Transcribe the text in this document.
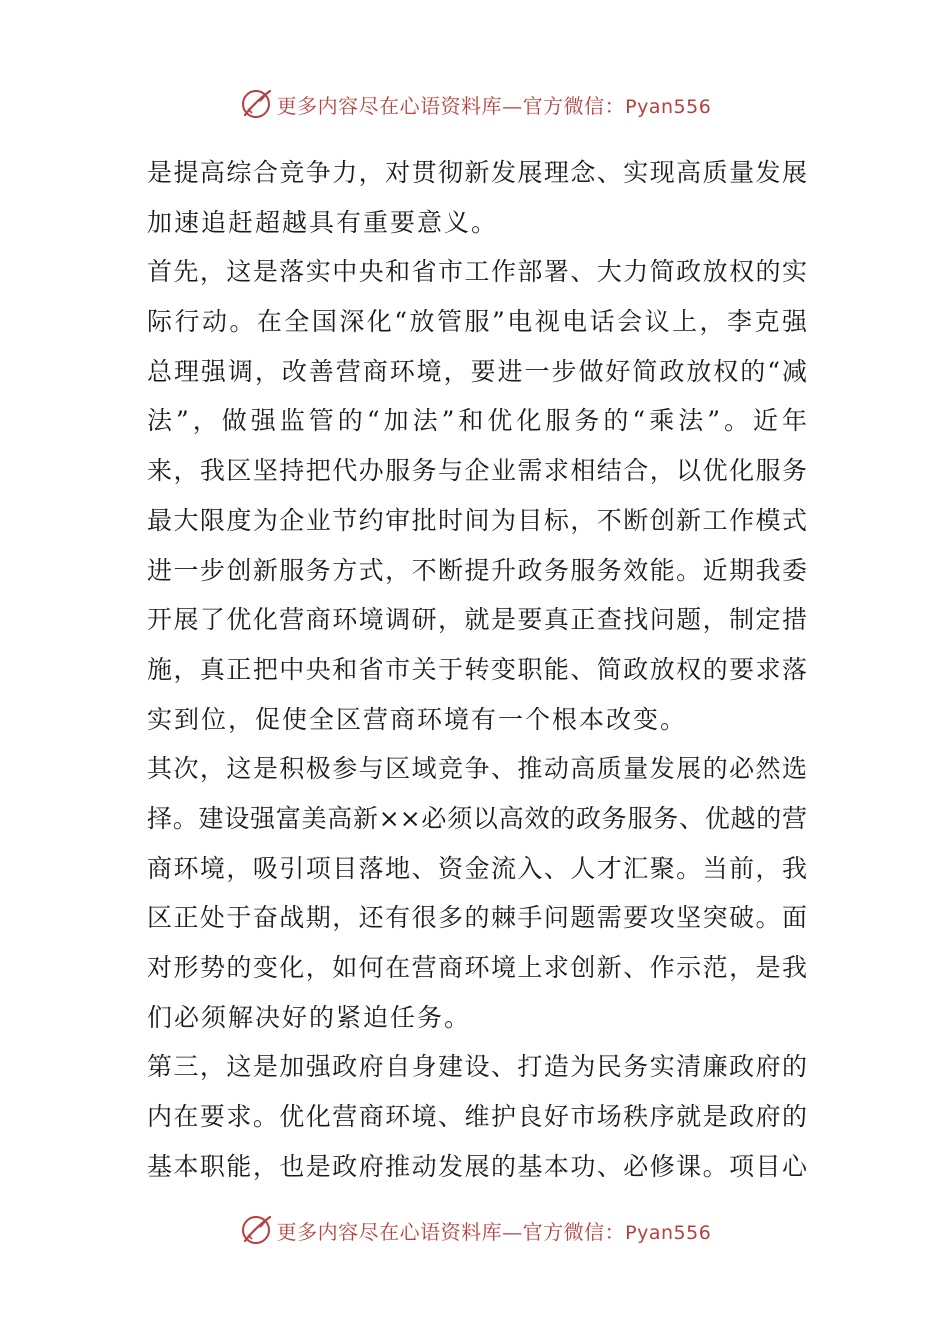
更多内容尽在心语资料库—官方微信：Pyan556
是提高综合竞争力，对贯彻新发展理念、实现高质量发展
加速追赶超越具有重要意义。
首先，这是落实中央和省市工作部署、大力简政放权的实
际行动。在全国深化“放管服”电视电话会议上，李克强
总理强调，改善营商环境，要进一步做好简政放权的“减
法”，做强监管的“加法”和优化服务的“乘法”。近年
来，我区坚持把代办服务与企业需求相结合，以优化服务
最大限度为企业节约审批时间为目标，不断创新工作模式
进一步创新服务方式，不断提升政务服务效能。近期我委
开展了优化营商环境调研，就是要真正查找问题，制定措
施，真正把中央和省市关于转变职能、简政放权的要求落
实到位，促使全区营商环境有一个根本改变。
其次，这是积极参与区域竞争、推动高质量发展的必然选
择。建设强富美高新××必须以高效的政务服务、优越的营
商环境，吸引项目落地、资金流入、人才汇聚。当前，我
区正处于奋战期，还有很多的棘手问题需要攻坚突破。面
对形势的变化，如何在营商环境上求创新、作示范，是我
们必须解决好的紧迫任务。
第三，这是加强政府自身建设、打造为民务实清廉政府的
内在要求。优化营商环境、维护良好市场秩序就是政府的
基本职能，也是政府推动发展的基本功、必修课。项目心
更多内容尽在心语资料库—官方微信：Pyan556
